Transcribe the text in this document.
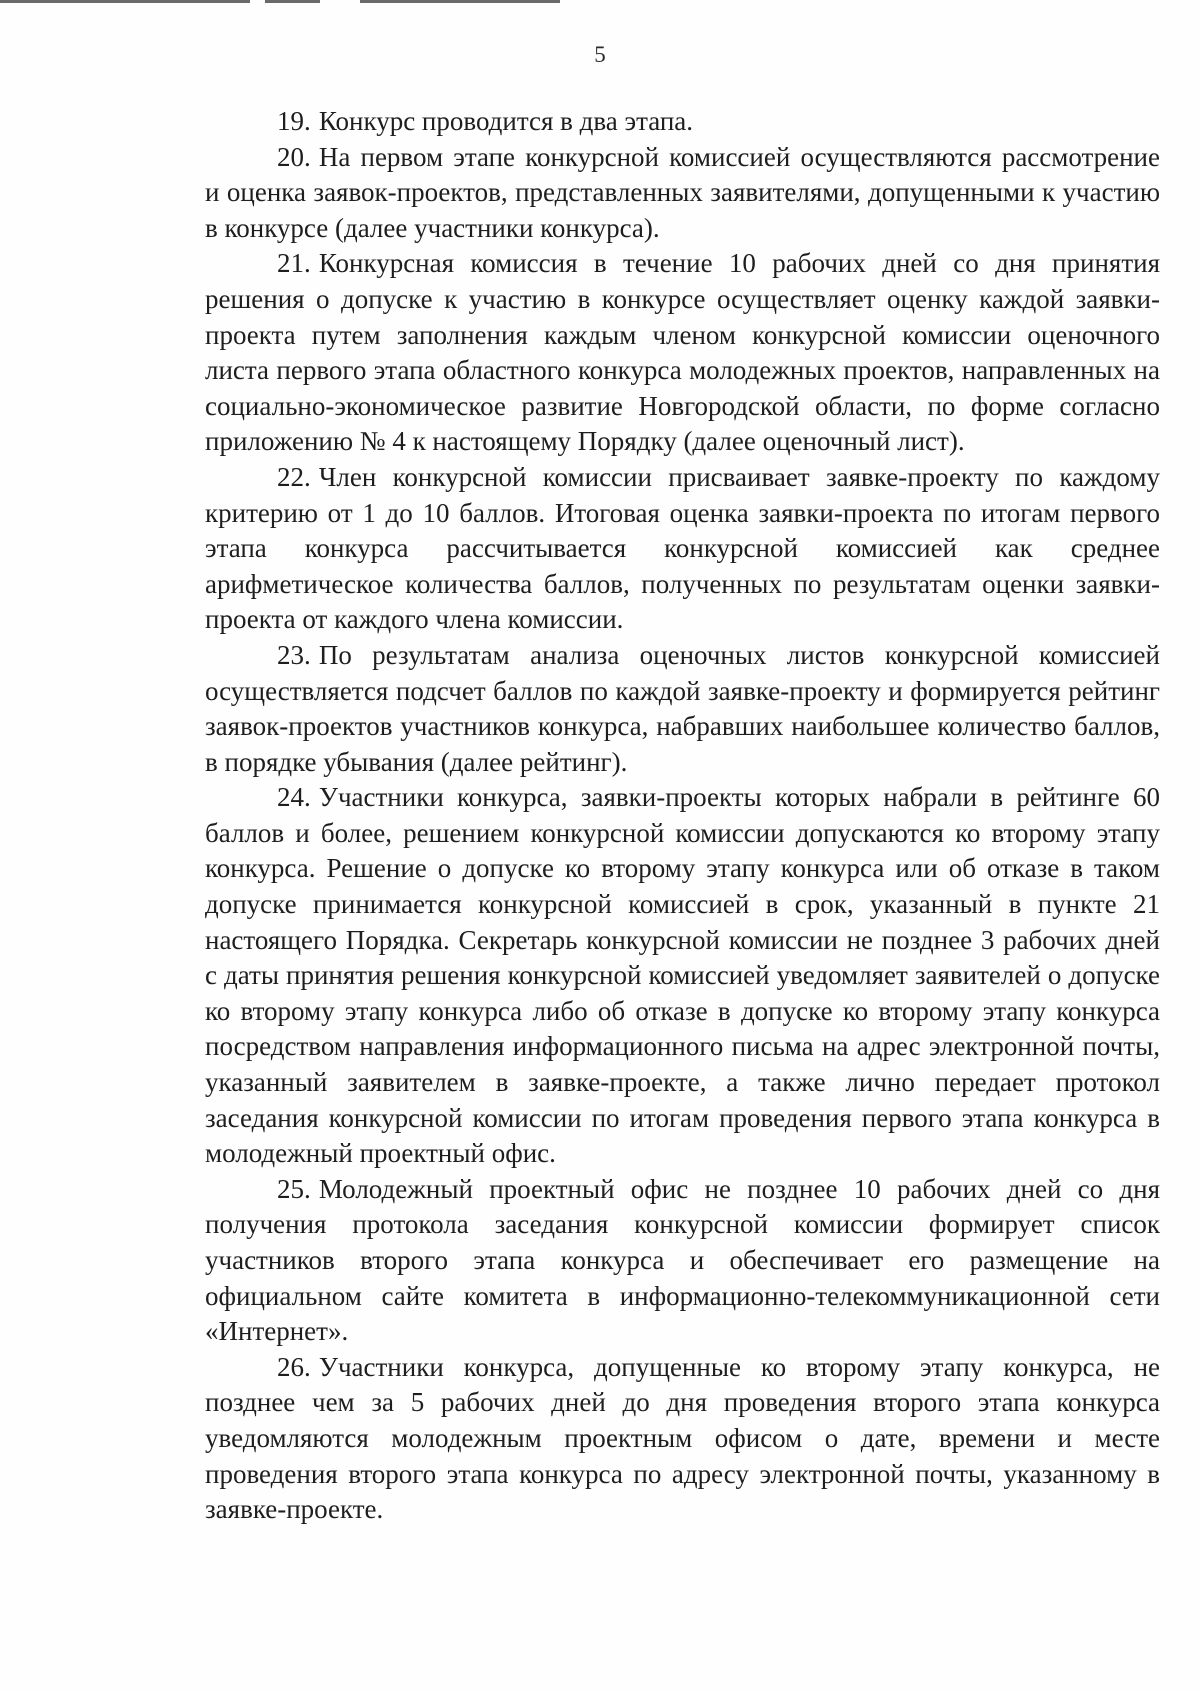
5

19. Конкурс проводится в два этапа.

20. На первом этапе конкурсной комиссией осуществляются рассмотрение и оценка заявок-проектов, представленных заявителями, допущенными к участию в конкурсе (далее участники конкурса).

21. Конкурсная комиссия в течение 10 рабочих дней со дня принятия решения о допуске к участию в конкурсе осуществляет оценку каждой заявки-проекта путем заполнения каждым членом конкурсной комиссии оценочного листа первого этапа областного конкурса молодежных проектов, направленных на социально-экономическое развитие Новгородской области, по форме согласно приложению № 4 к настоящему Порядку (далее оценочный лист).

22. Член конкурсной комиссии присваивает заявке-проекту по каждому критерию от 1 до 10 баллов. Итоговая оценка заявки-проекта по итогам первого этапа конкурса рассчитывается конкурсной комиссией как среднее арифметическое количества баллов, полученных по результатам оценки заявки-проекта от каждого члена комиссии.

23. По результатам анализа оценочных листов конкурсной комиссией осуществляется подсчет баллов по каждой заявке-проекту и формируется рейтинг заявок-проектов участников конкурса, набравших наибольшее количество баллов, в порядке убывания (далее рейтинг).

24. Участники конкурса, заявки-проекты которых набрали в рейтинге 60 баллов и более, решением конкурсной комиссии допускаются ко второму этапу конкурса. Решение о допуске ко второму этапу конкурса или об отказе в таком допуске принимается конкурсной комиссией в срок, указанный в пункте 21 настоящего Порядка. Секретарь конкурсной комиссии не позднее 3 рабочих дней с даты принятия решения конкурсной комиссией уведомляет заявителей о допуске ко второму этапу конкурса либо об отказе в допуске ко второму этапу конкурса посредством направления информационного письма на адрес электронной почты, указанный заявителем в заявке-проекте, а также лично передает протокол заседания конкурсной комиссии по итогам проведения первого этапа конкурса в молодежный проектный офис.

25. Молодежный проектный офис не позднее 10 рабочих дней со дня получения протокола заседания конкурсной комиссии формирует список участников второго этапа конкурса и обеспечивает его размещение на официальном сайте комитета в информационно-телекоммуникационной сети «Интернет».

26. Участники конкурса, допущенные ко второму этапу конкурса, не позднее чем за 5 рабочих дней до дня проведения второго этапа конкурса уведомляются молодежным проектным офисом о дате, времени и месте проведения второго этапа конкурса по адресу электронной почты, указанному в заявке-проекте.
